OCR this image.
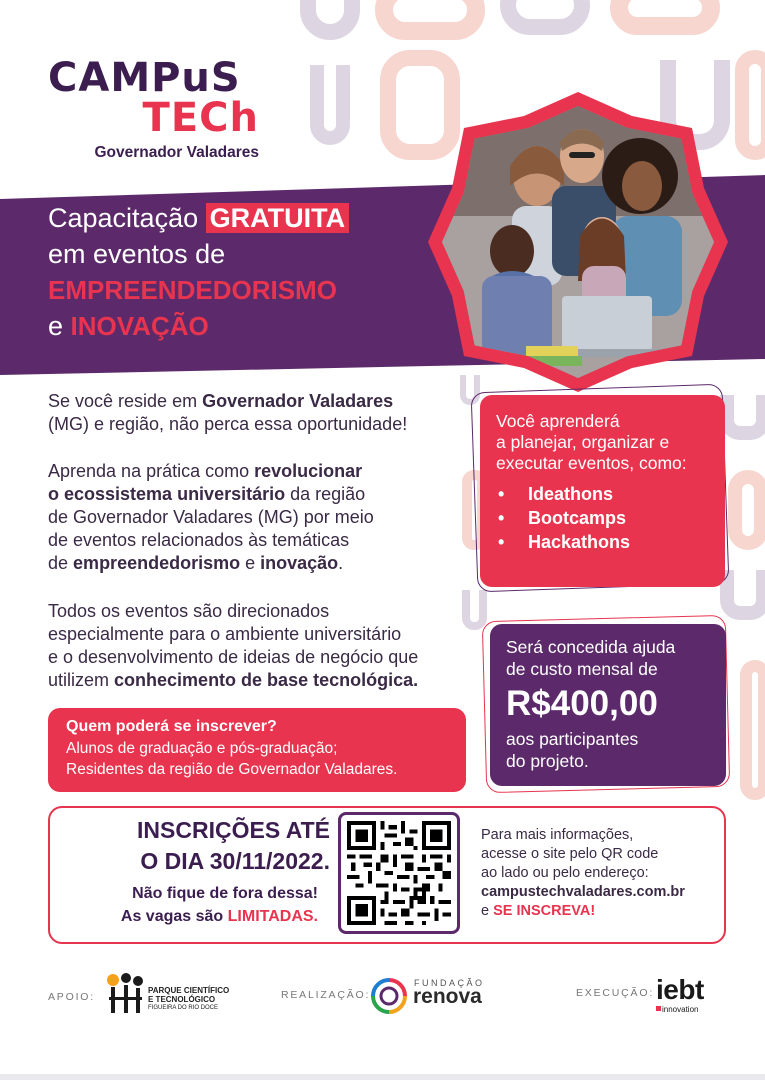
CAMPuS
TECh
Governador Valadares
Capacitação GRATUITA
em eventos de
EMPREENDEDORISMO
e INOVAÇÃO
Se você reside em Governador Valadares
(MG) e região, não perca essa oportunidade!
Aprenda na prática como revolucionar
o ecossistema universitário da região
de Governador Valadares (MG) por meio
de eventos relacionados às temáticas
de empreendedorismo e inovação.
Todos os eventos são direcionados
especialmente para o ambiente universitário
e o desenvolvimento de ideias de negócio que
utilizem conhecimento de base tecnológica.
Você aprenderá
a planejar, organizar e
executar eventos, como:
• Ideathons
• Bootcamps
• Hackathons
Será concedida ajuda
de custo mensal de
R$400,00
aos participantes
do projeto.
Quem poderá se inscrever?
Alunos de graduação e pós-graduação;
Residentes da região de Governador Valadares.
INSCRIÇÕES ATÉ
O DIA 30/11/2022.
Não fique de fora dessa!
As vagas são LIMITADAS.
Para mais informações,
acesse o site pelo QR code
ao lado ou pelo endereço:
campustechvaladares.com.br
e SE INSCREVA!
APOIO:
PARQUE CIENTÍFICO
E TECNOLÓGICO
FIGUEIRA DO RIO DOCE
REALIZAÇÃO:
FUNDAÇÃO
renova	EXECUÇÃO: iebt
innovation
